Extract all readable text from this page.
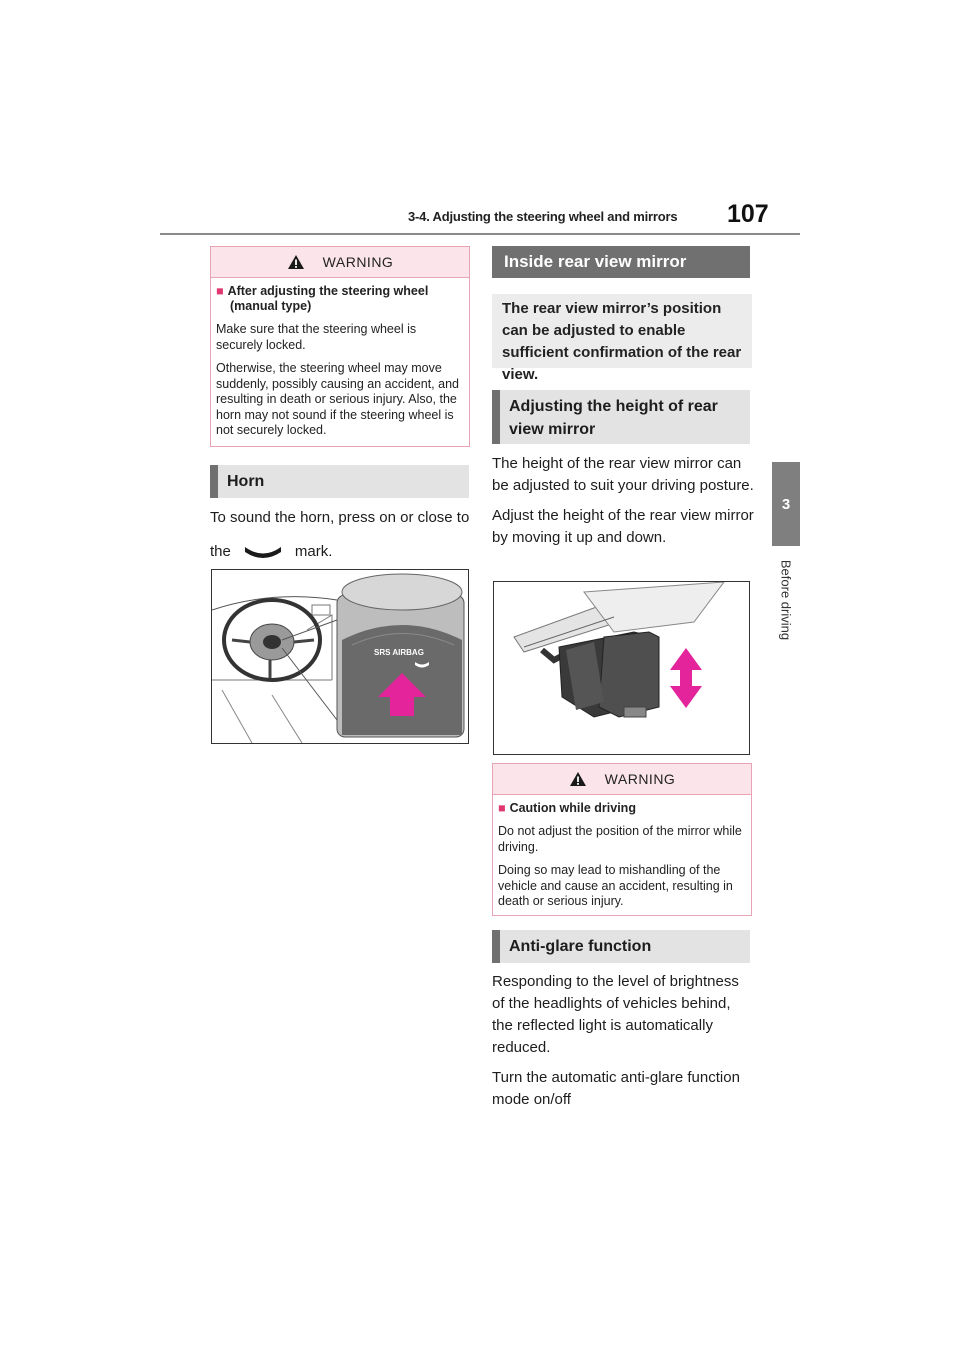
3-4. Adjusting the steering wheel and mirrors 107
3
Before driving
WARNING
■ After adjusting the steering wheel
(manual type)
Make sure that the steering wheel is securely locked.
Otherwise, the steering wheel may move suddenly, possibly causing an accident, and resulting in death or serious injury. Also, the horn may not sound if the steering wheel is not securely locked.
Horn

To sound the horn, press on or close to

the	mark.

SRS AIRBAG
Inside rear view mirror
The rear view mirror’s position can be adjusted to enable sufficient confirmation of the rear view.
Adjusting the height of rear view mirror

The height of the rear view mirror can be adjusted to suit your driving posture.

Adjust the height of the rear view mirror by moving it up and down.

WARNING
■ Caution while driving
Do not adjust the position of the mirror while driving.
Doing so may lead to mishandling of the vehicle and cause an accident, resulting in death or serious injury.
Anti-glare function

Responding to the level of brightness of the headlights of vehicles behind, the reflected light is automatically reduced.

Turn the automatic anti-glare function mode on/off
